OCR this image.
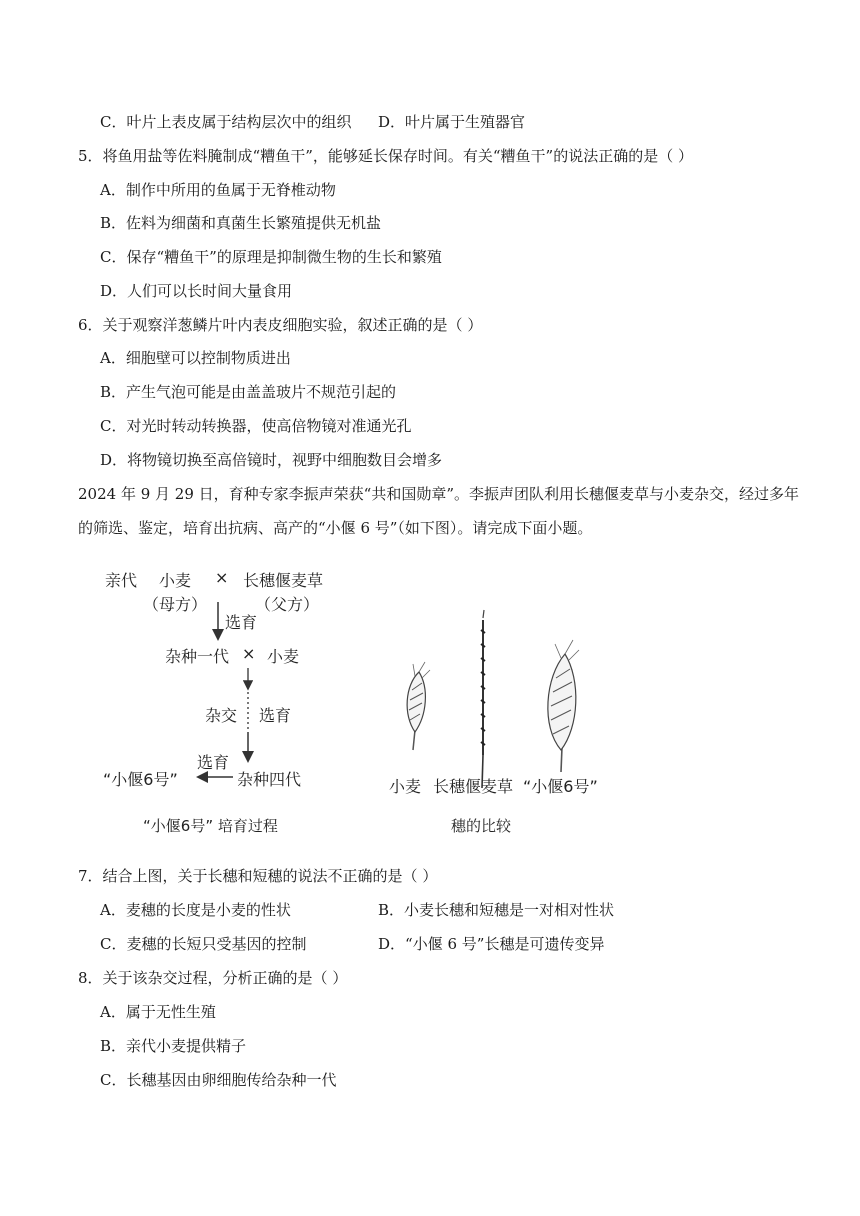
C．叶片上表皮属于结构层次中的组织 D．叶片属于生殖器官
5．将鱼用盐等佐料腌制成“糟鱼干”，能够延长保存时间。有关“糟鱼干”的说法正确的是（ ）
A．制作中所用的鱼属于无脊椎动物
B．佐料为细菌和真菌生长繁殖提供无机盐
C．保存“糟鱼干”的原理是抑制微生物的生长和繁殖
D．人们可以长时间大量食用
6．关于观察洋葱鳞片叶内表皮细胞实验，叙述正确的是（ ）
A．细胞壁可以控制物质进出
B．产生气泡可能是由盖盖玻片不规范引起的
C．对光时转动转换器，使高倍物镜对准通光孔
D．将物镜切换至高倍镜时，视野中细胞数目会增多
2024 年 9 月 29 日，育种专家李振声荣获“共和国勋章”。李振声团队利用长穗偃麦草与小麦杂交，经过多年
的筛选、鉴定，培育出抗病、高产的“小偃 6 号”（如下图）。请完成下面小题。
亲代 小麦 × 长穗偃麦草
（母方）	（父方）
选育
杂种一代 × 小麦
杂交 选育
选育
“小偃6号”	杂种四代
“小偃6号” 培育过程
小麦 长穗偃麦草 “小偃6号”
穗的比较
7．结合上图，关于长穗和短穗的说法不正确的是（ ）
A．麦穗的长度是小麦的性状	B．小麦长穗和短穗是一对相对性状
C．麦穗的长短只受基因的控制	D．“小偃 6 号”长穗是可遗传变异
8．关于该杂交过程，分析正确的是（ ）
A．属于无性生殖
B．亲代小麦提供精子
C．长穗基因由卵细胞传给杂种一代
